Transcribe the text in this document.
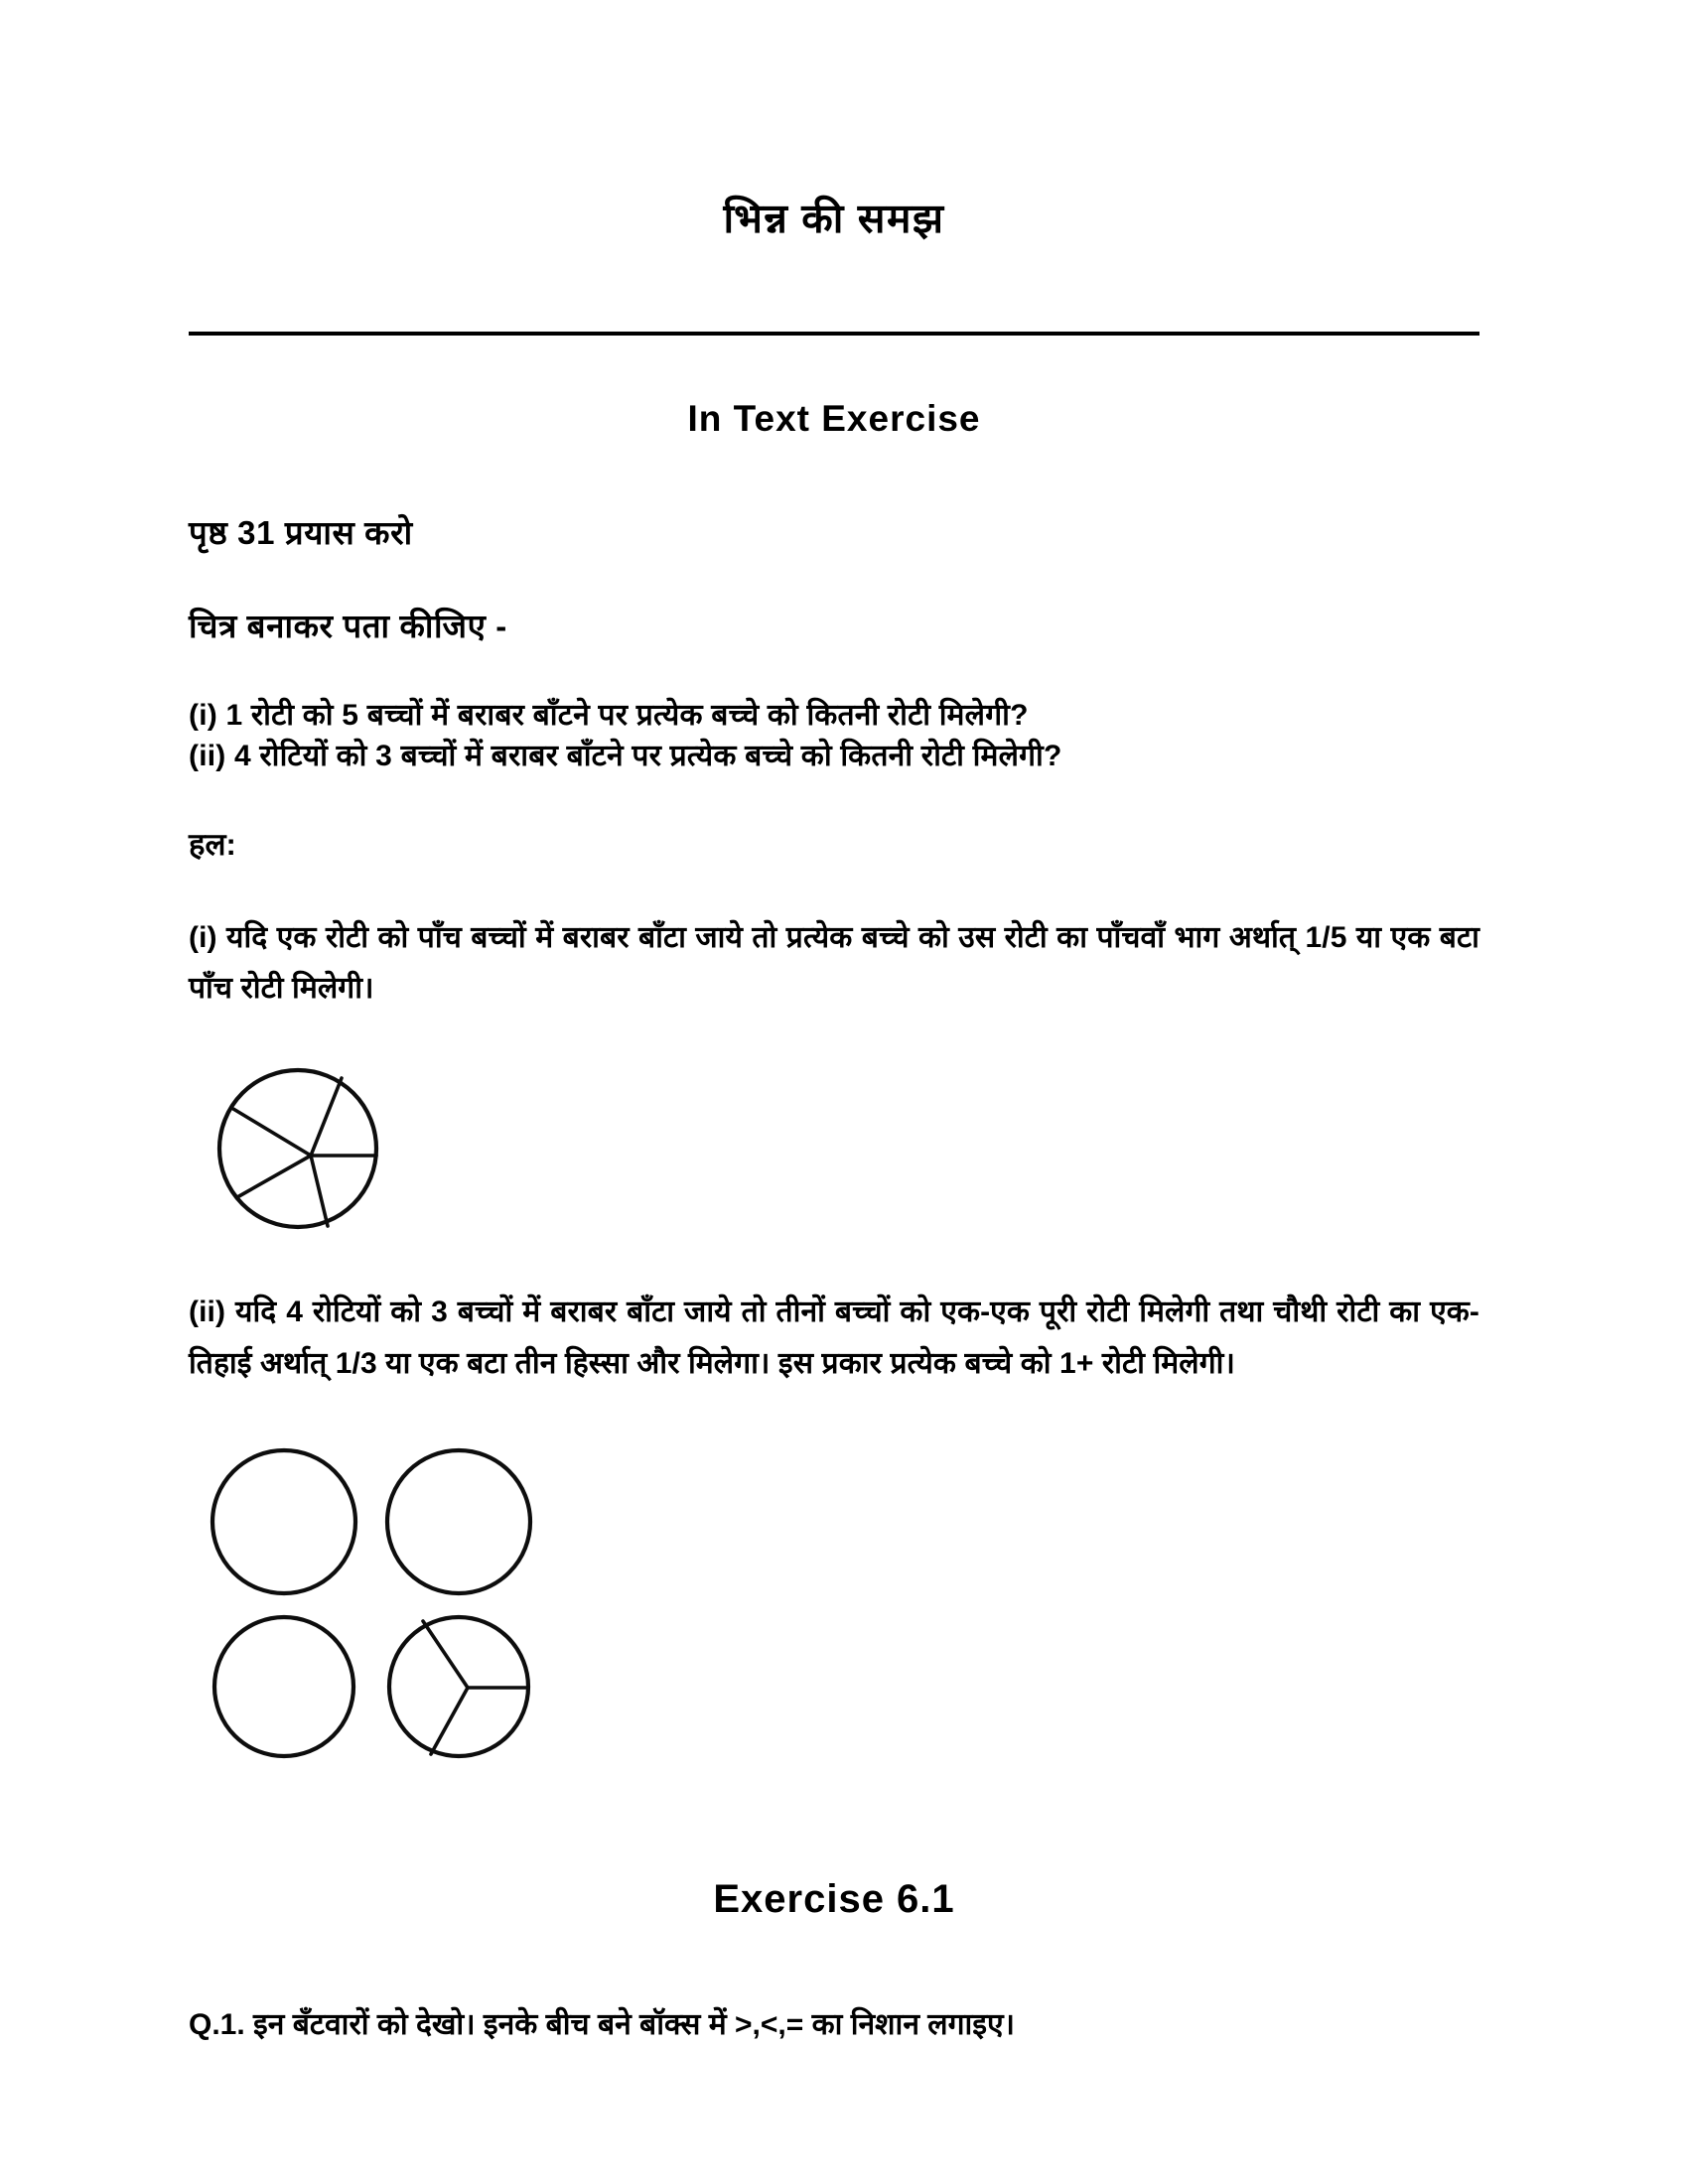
भिन्न की समझ
In Text Exercise
पृष्ठ 31 प्रयास करो
चित्र बनाकर पता कीजिए -

(i) 1 रोटी को 5 बच्चों में बराबर बाँटने पर प्रत्येक बच्चे को कितनी रोटी मिलेगी?

(ii) 4 रोटियों को 3 बच्चों में बराबर बाँटने पर प्रत्येक बच्चे को कितनी रोटी मिलेगी?

हल:

(i) यदि एक रोटी को पाँच बच्चों में बराबर बाँटा जाये तो प्रत्येक बच्चे को उस रोटी का पाँचवाँ भाग अर्थात् 1/5 या एक बटा पाँच रोटी मिलेगी।

(ii) यदि 4 रोटियों को 3 बच्चों में बराबर बाँटा जाये तो तीनों बच्चों को एक-एक पूरी रोटी मिलेगी तथा चौथी रोटी का एक-तिहाई अर्थात् 1/3 या एक बटा तीन हिस्सा और मिलेगा। इस प्रकार प्रत्येक बच्चे को 1+ रोटी मिलेगी।

Exercise 6.1

Q.1. इन बँटवारों को देखो। इनके बीच बने बॉक्स में >,<,= का निशान लगाइए।
